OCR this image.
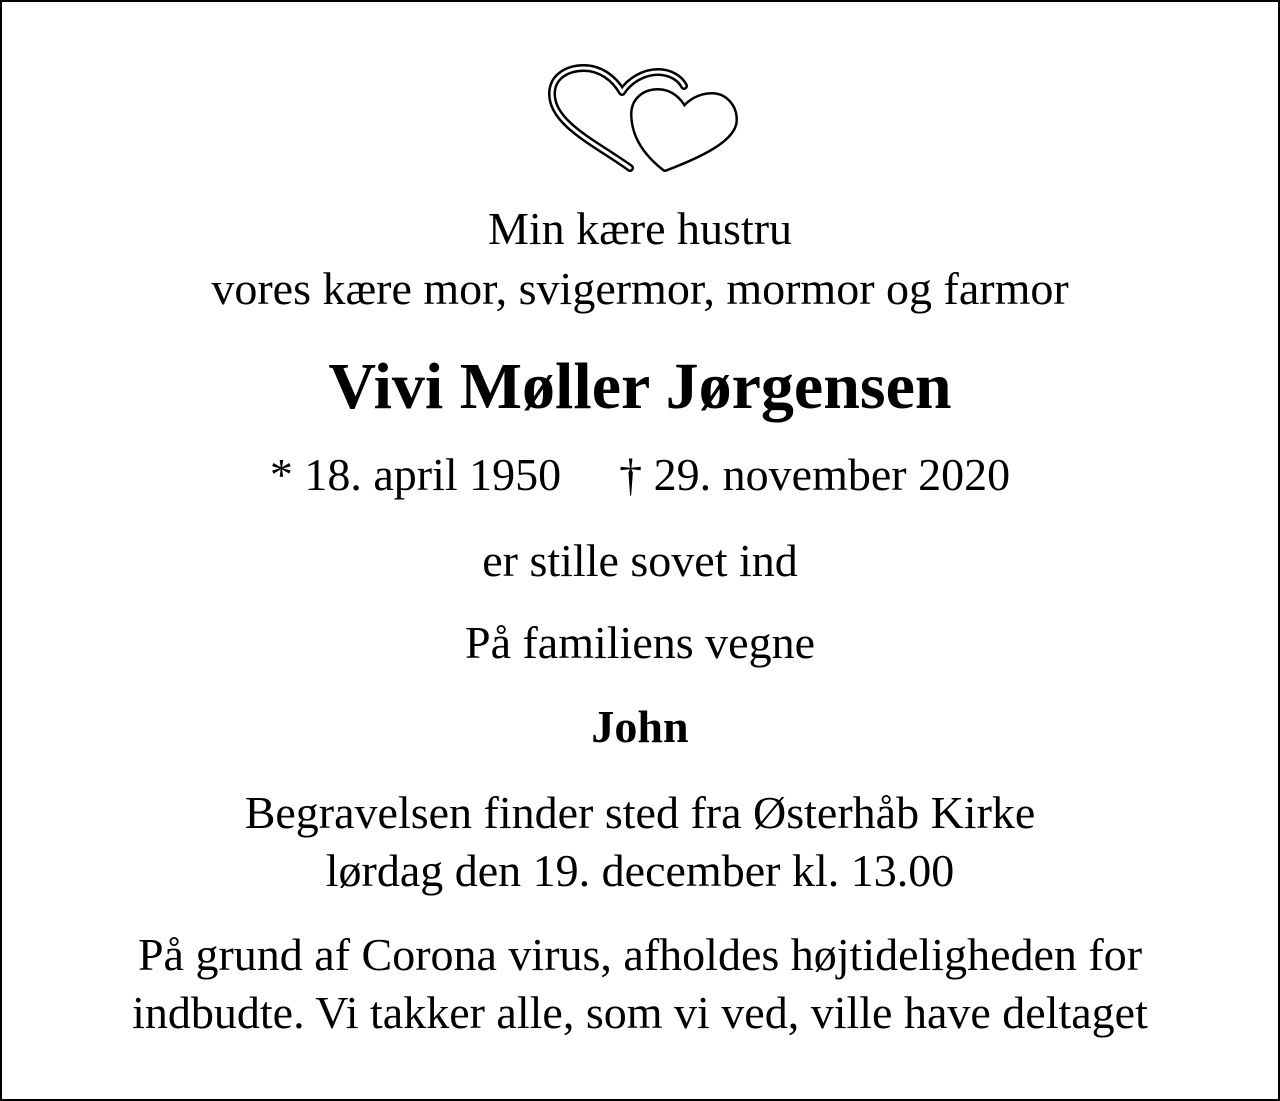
Min kære hustru
vores kære mor, svigermor, mormor og farmor
Vivi Møller Jørgensen
* 18. april 1950 † 29. november 2020
er stille sovet ind
På familiens vegne
John
Begravelsen finder sted fra Østerhåb Kirke
lørdag den 19. december kl. 13.00
På grund af Corona virus, afholdes højtideligheden for
indbudte. Vi takker alle, som vi ved, ville have deltaget
